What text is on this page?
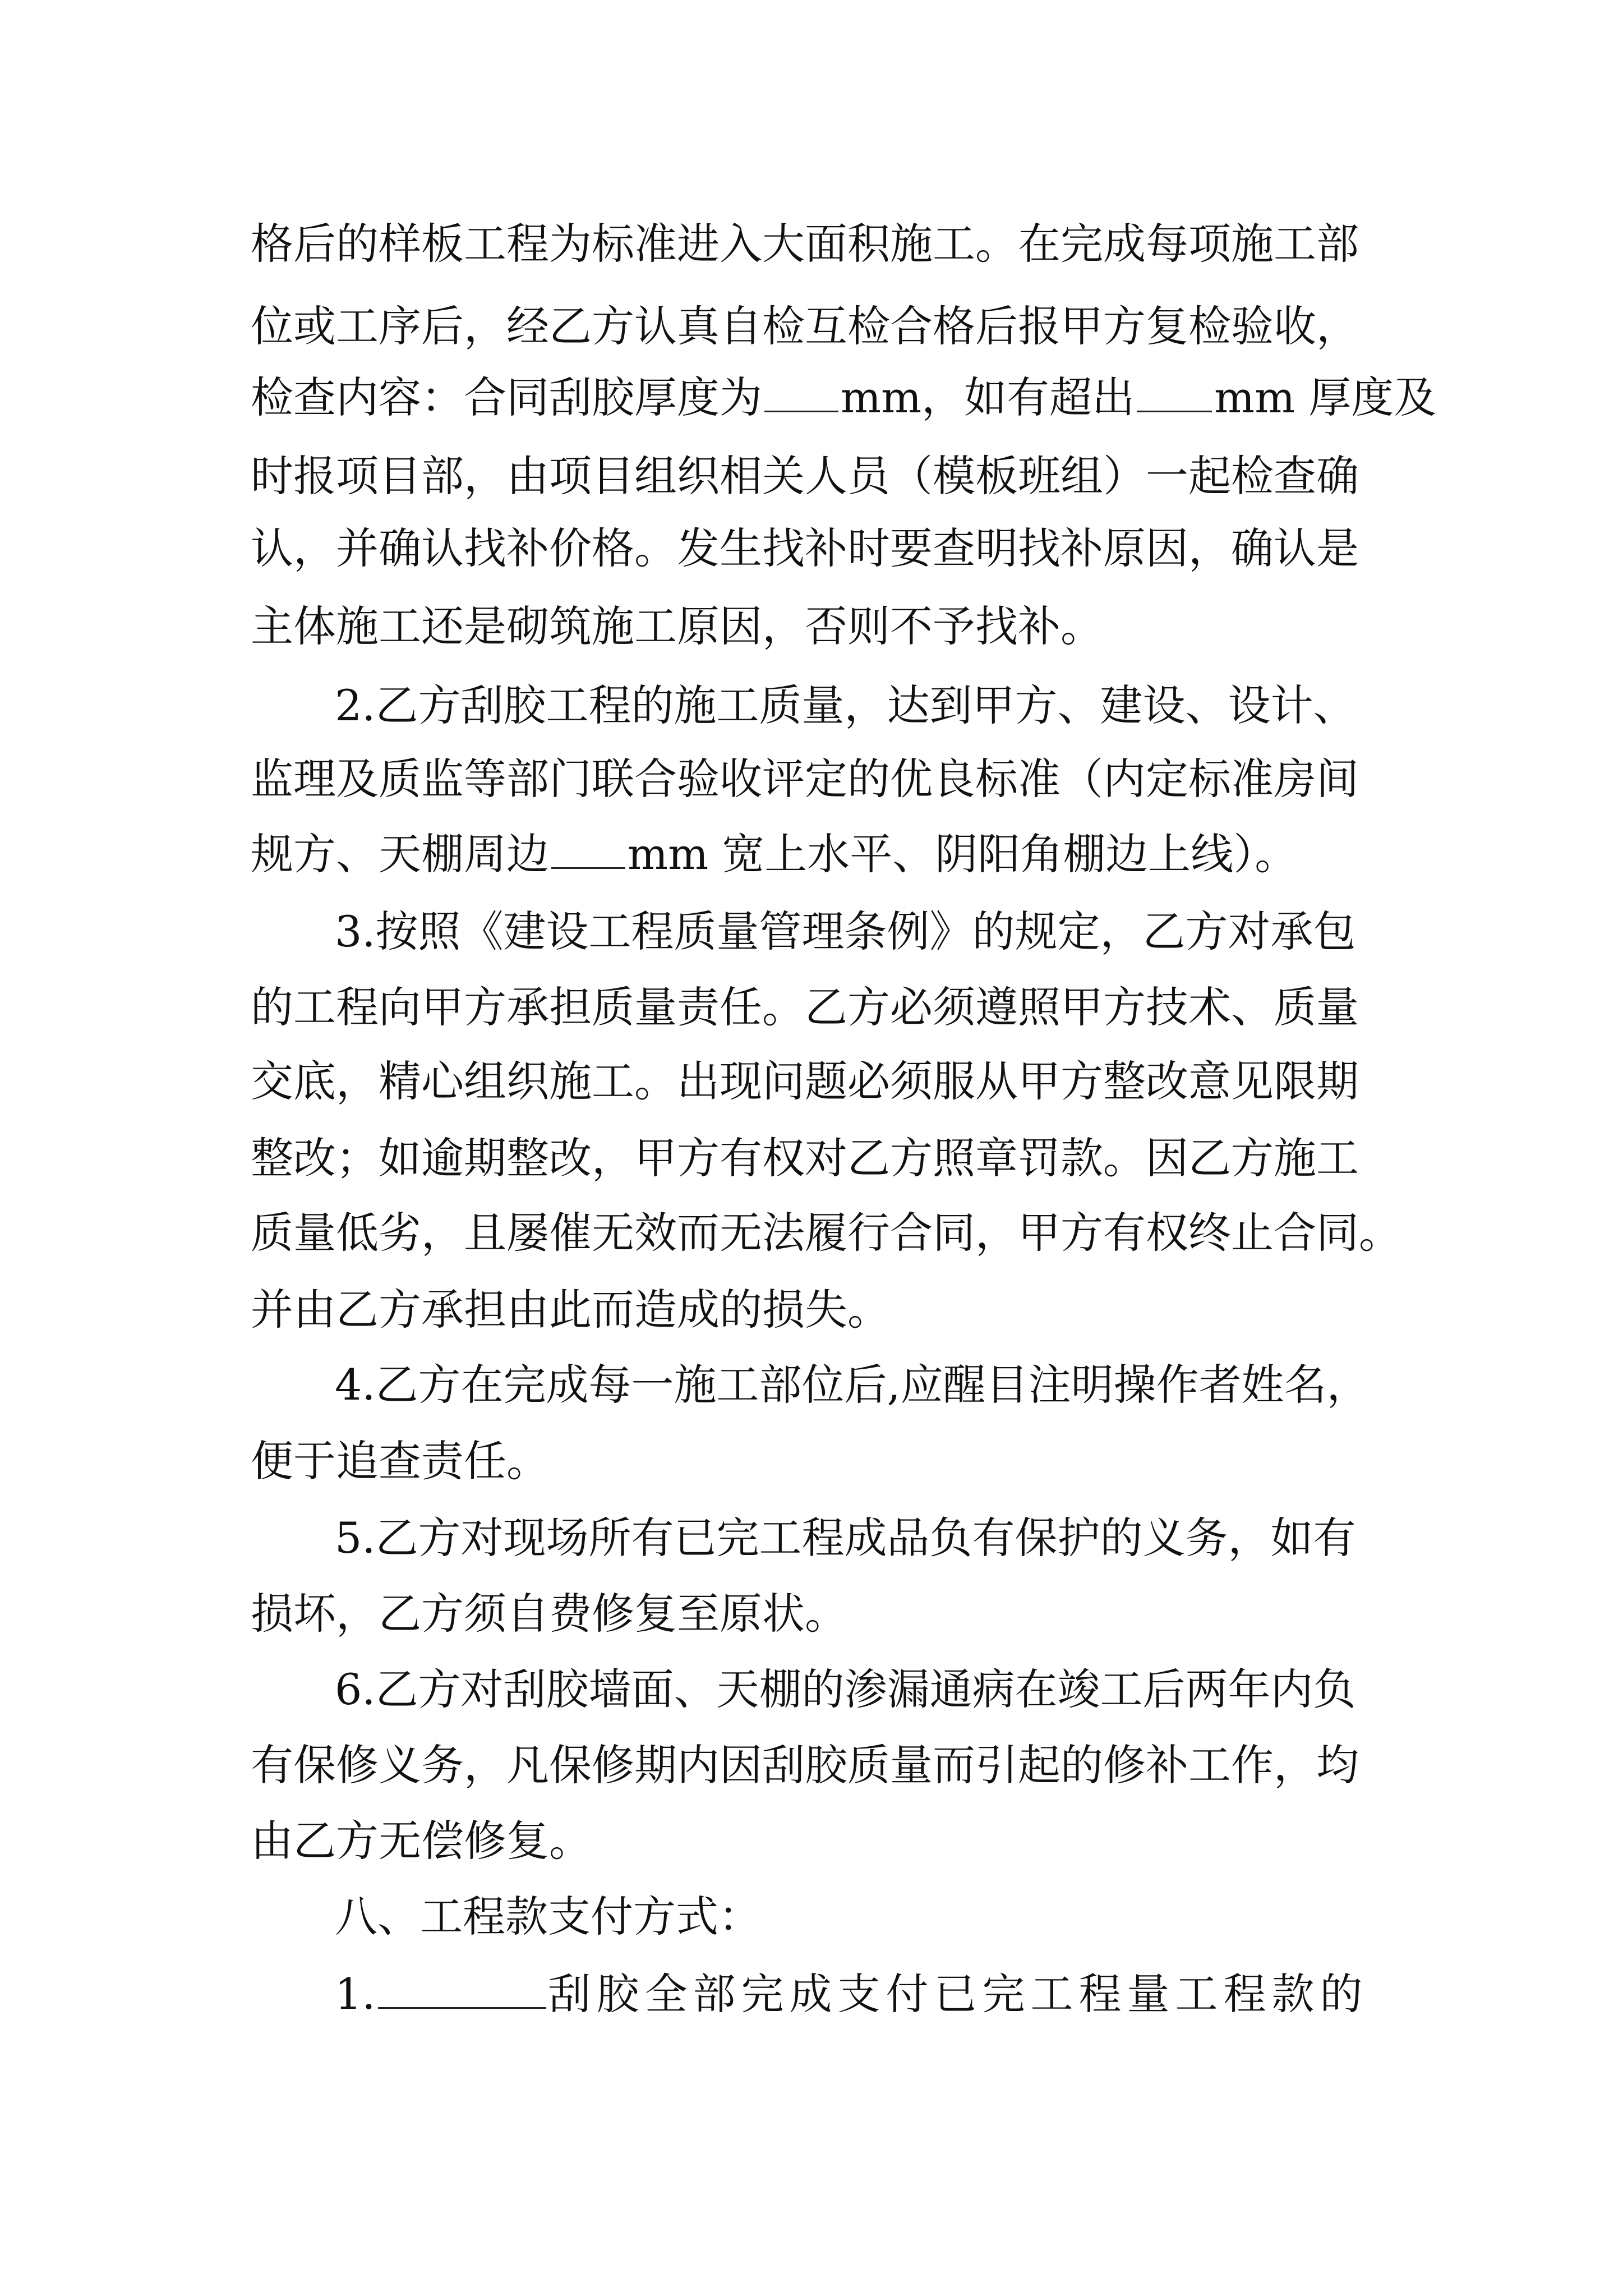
格后的样板工程为标准进入大面积施工。在完成每项施工部
位或工序后，经乙方认真自检互检合格后报甲方复检验收，
检查内容：合同刮胶厚度为 mm，如有超出 mm 厚度及
时报项目部，由项目组织相关人员（模板班组）一起检查确
认，并确认找补价格。发生找补时要查明找补原因，确认是
主体施工还是砌筑施工原因，否则不予找补。
2.乙方刮胶工程的施工质量，达到甲方、建设、设计、
监理及质监等部门联合验收评定的优良标准（内定标准房间
规方、天棚周边 mm 宽上水平、阴阳角棚边上线）。
3.按照《建设工程质量管理条例》的规定，乙方对承包
的工程向甲方承担质量责任。乙方必须遵照甲方技术、质量
交底，精心组织施工。出现问题必须服从甲方整改意见限期
整改；如逾期整改，甲方有权对乙方照章罚款。因乙方施工
质量低劣，且屡催无效而无法履行合同，甲方有权终止合同。
并由乙方承担由此而造成的损失。
4.乙方在完成每一施工部位后,应醒目注明操作者姓名，
便于追查责任。
5.乙方对现场所有已完工程成品负有保护的义务，如有
损坏，乙方须自费修复至原状。
6.乙方对刮胶墙面、天棚的渗漏通病在竣工后两年内负
有保修义务，凡保修期内因刮胶质量而引起的修补工作，均
由乙方无偿修复。
八、工程款支付方式：
1.	刮胶全部完成支付已完工程量工程款的
